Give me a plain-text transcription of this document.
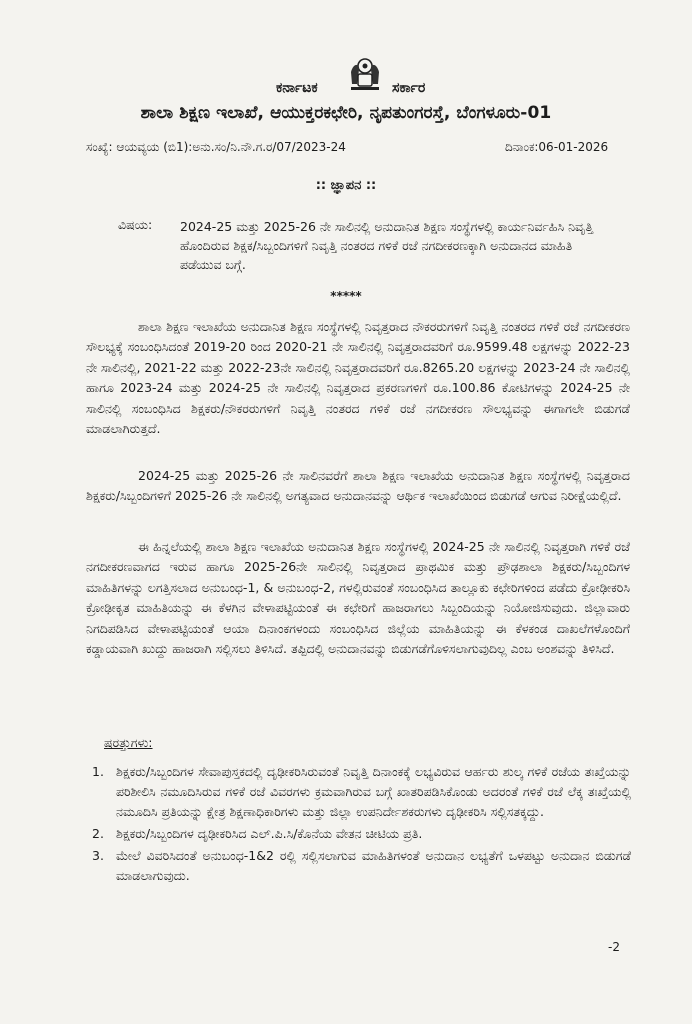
ಕರ್ನಾಟಕ	ಸರ್ಕಾರ
ಶಾಲಾ ಶಿಕ್ಷಣ ಇಲಾಖೆ, ಆಯುಕ್ತರಕಛೇರಿ, ನೃಪತುಂಗರಸ್ತೆ, ಬೆಂಗಳೂರು-01
ಸಂಖ್ಯೆ: ಆಯವ್ಯಯ (ಬಿ1):ಅನು.ಸಂ/ನಿ.ನೌ.ಗ.ರ/07/2023-24	ದಿನಾಂಕ:06-01-2026
:: ಜ್ಞಾಪನ ::
ವಿಷಯ: 2024-25 ಮತ್ತು 2025-26 ನೇ ಸಾಲಿನಲ್ಲಿ ಅನುದಾನಿತ ಶಿಕ್ಷಣ ಸಂಸ್ಥೆಗಳಲ್ಲಿ ಕಾರ್ಯನಿರ್ವಹಿಸಿ ನಿವೃತ್ತಿ ಹೊಂದಿರುವ ಶಿಕ್ಷಕ/ಸಿಬ್ಬಂದಿಗಳಿಗೆ ನಿವೃತ್ತಿ ನಂತರದ ಗಳಿಕೆ ರಜೆ ನಗದೀಕರಣಕ್ಕಾಗಿ ಅನುದಾನದ ಮಾಹಿತಿ ಪಡೆಯುವ ಬಗ್ಗೆ.
*****
ಶಾಲಾ ಶಿಕ್ಷಣ ಇಲಾಖೆಯ ಅನುದಾನಿತ ಶಿಕ್ಷಣ ಸಂಸ್ಥೆಗಳಲ್ಲಿ ನಿವೃತ್ತರಾದ ನೌಕರರುಗಳಿಗೆ ನಿವೃತ್ತಿ ನಂತರದ ಗಳಿಕೆ ರಜೆ ನಗದೀಕರಣ ಸೌಲಭ್ಯಕ್ಕೆ ಸಂಬಂಧಿಸಿದಂತೆ 2019-20 ರಿಂದ 2020-21 ನೇ ಸಾಲಿನಲ್ಲಿ ನಿವೃತ್ತರಾದವರಿಗೆ ರೂ.9599.48 ಲಕ್ಷಗಳನ್ನು 2022-23 ನೇ ಸಾಲಿನಲ್ಲಿ, 2021-22 ಮತ್ತು 2022-23ನೇ ಸಾಲಿನಲ್ಲಿ ನಿವೃತ್ತರಾದವರಿಗೆ ರೂ.8265.20 ಲಕ್ಷಗಳನ್ನು 2023-24 ನೇ ಸಾಲಿನಲ್ಲಿ ಹಾಗೂ 2023-24 ಮತ್ತು 2024-25 ನೇ ಸಾಲಿನಲ್ಲಿ ನಿವೃತ್ತರಾದ ಪ್ರಕರಣಗಳಿಗೆ ರೂ.100.86 ಕೋಟಿಗಳನ್ನು 2024-25 ನೇ ಸಾಲಿನಲ್ಲಿ ಸಂಬಂಧಿಸಿದ ಶಿಕ್ಷಕರು/ನೌಕರರುಗಳಿಗೆ ನಿವೃತ್ತಿ ನಂತರದ ಗಳಿಕೆ ರಜೆ ನಗದೀಕರಣ ಸೌಲಭ್ಯವನ್ನು ಈಗಾಗಲೇ ಬಿಡುಗಡೆ ಮಾಡಲಾಗಿರುತ್ತದೆ.
2024-25 ಮತ್ತು 2025-26 ನೇ ಸಾಲಿನವರೆಗೆ ಶಾಲಾ ಶಿಕ್ಷಣ ಇಲಾಖೆಯ ಅನುದಾನಿತ ಶಿಕ್ಷಣ ಸಂಸ್ಥೆಗಳಲ್ಲಿ ನಿವೃತ್ತರಾದ ಶಿಕ್ಷಕರು/ಸಿಬ್ಬಂದಿಗಳಿಗೆ 2025-26 ನೇ ಸಾಲಿನಲ್ಲಿ ಅಗತ್ಯವಾದ ಅನುದಾನವನ್ನು ಆರ್ಥಿಕ ಇಲಾಖೆಯಿಂದ ಬಿಡುಗಡೆ ಆಗುವ ನಿರೀಕ್ಷೆಯಲ್ಲಿದೆ.
ಈ ಹಿನ್ನಲೆಯಲ್ಲಿ ಶಾಲಾ ಶಿಕ್ಷಣ ಇಲಾಖೆಯ ಅನುದಾನಿತ ಶಿಕ್ಷಣ ಸಂಸ್ಥೆಗಳಲ್ಲಿ 2024-25 ನೇ ಸಾಲಿನಲ್ಲಿ ನಿವೃತ್ತರಾಗಿ ಗಳಿಕೆ ರಜೆ ನಗದೀಕರಣವಾಗದ ಇರುವ ಹಾಗೂ 2025-26ನೇ ಸಾಲಿನಲ್ಲಿ ನಿವೃತ್ತರಾದ ಪ್ರಾಥಮಿಕ ಮತ್ತು ಪ್ರೌಢಶಾಲಾ ಶಿಕ್ಷಕರು/ಸಿಬ್ಬಂದಿಗಳ ಮಾಹಿತಿಗಳನ್ನು ಲಗತ್ತಿಸಲಾದ ಅನುಬಂಧ-1, & ಅನುಬಂಧ-2, ಗಳಲ್ಲಿರುವಂತೆ ಸಂಬಂಧಿಸಿದ ತಾಲ್ಲೂಕು ಕಛೇರಿಗಳಿಂದ ಪಡೆದು ಕ್ರೋಢೀಕರಿಸಿ ಕ್ರೋಢೀಕೃತ ಮಾಹಿತಿಯನ್ನು ಈ ಕೆಳಗಿನ ವೇಳಾಪಟ್ಟಿಯಂತೆ ಈ ಕಛೇರಿಗೆ ಹಾಜರಾಗಲು ಸಿಬ್ಬಂದಿಯನ್ನು ನಿಯೋಜಿಸುವುದು. ಜಿಲ್ಲಾವಾರು ನಿಗದಿಪಡಿಸಿದ ವೇಳಾಪಟ್ಟಿಯಂತೆ ಆಯಾ ದಿನಾಂಕಗಳಂದು ಸಂಬಂಧಿಸಿದ ಜಿಲ್ಲೆಯ ಮಾಹಿತಿಯನ್ನು ಈ ಕೆಳಕಂಡ ದಾಖಲೆಗಳೊಂದಿಗೆ ಕಡ್ಡಾಯವಾಗಿ ಖುದ್ದು ಹಾಜರಾಗಿ ಸಲ್ಲಿಸಲು ತಿಳಿಸಿದೆ. ತಪ್ಪಿದಲ್ಲಿ ಅನುದಾನವನ್ನು ಬಿಡುಗಡೆಗೊಳಿಸಲಾಗುವುದಿಲ್ಲ ಎಂಬ ಅಂಶವನ್ನು ತಿಳಿಸಿದೆ.
ಷರತ್ತುಗಳು:
1. ಶಿಕ್ಷಕರು/ಸಿಬ್ಬಂದಿಗಳ ಸೇವಾಪುಸ್ತಕದಲ್ಲಿ ದೃಢೀಕರಿಸಿರುವಂತೆ ನಿವೃತ್ತಿ ದಿನಾಂಕಕ್ಕೆ ಲಭ್ಯವಿರುವ ಆರ್ಹರು ಶುಲ್ಕ ಗಳಿಕೆ ರಜೆಯ ತಃಖ್ತೆಯನ್ನು ಪರಿಶೀಲಿಸಿ ನಮೂದಿಸಿರುವ ಗಳಿಕೆ ರಜೆ ವಿವರಗಳು ಕ್ರಮವಾಗಿರುವ ಬಗ್ಗೆ ಖಾತರಿಪಡಿಸಿಕೊಂಡು ಅದರಂತೆ ಗಳಿಕೆ ರಜೆ ಲೆಕ್ಕ ತಃಖ್ತೆಯಲ್ಲಿ ನಮೂದಿಸಿ ಪ್ರತಿಯನ್ನು ಕ್ಷೇತ್ರ ಶಿಕ್ಷಣಾಧಿಕಾರಿಗಳು ಮತ್ತು ಜಿಲ್ಲಾ ಉಪನಿರ್ದೇಶಕರುಗಳು ದೃಢೀಕರಿಸಿ ಸಲ್ಲಿಸತಕ್ಕದ್ದು.
2. ಶಿಕ್ಷಕರು/ಸಿಬ್ಬಂದಿಗಳ ದೃಢೀಕರಿಸಿದ ಎಲ್.ಪಿ.ಸಿ/ಕೊನೆಯ ವೇತನ ಚೀಟಿಯ ಪ್ರತಿ.
3. ಮೇಲೆ ವಿವರಿಸಿದಂತೆ ಅನುಬಂಧ-1&2 ರಲ್ಲಿ ಸಲ್ಲಿಸಲಾಗುವ ಮಾಹಿತಿಗಳಂತೆ ಅನುದಾನ ಲಭ್ಯತೆಗೆ ಒಳಪಟ್ಟು ಅನುದಾನ ಬಿಡುಗಡೆ ಮಾಡಲಾಗುವುದು.
-2
